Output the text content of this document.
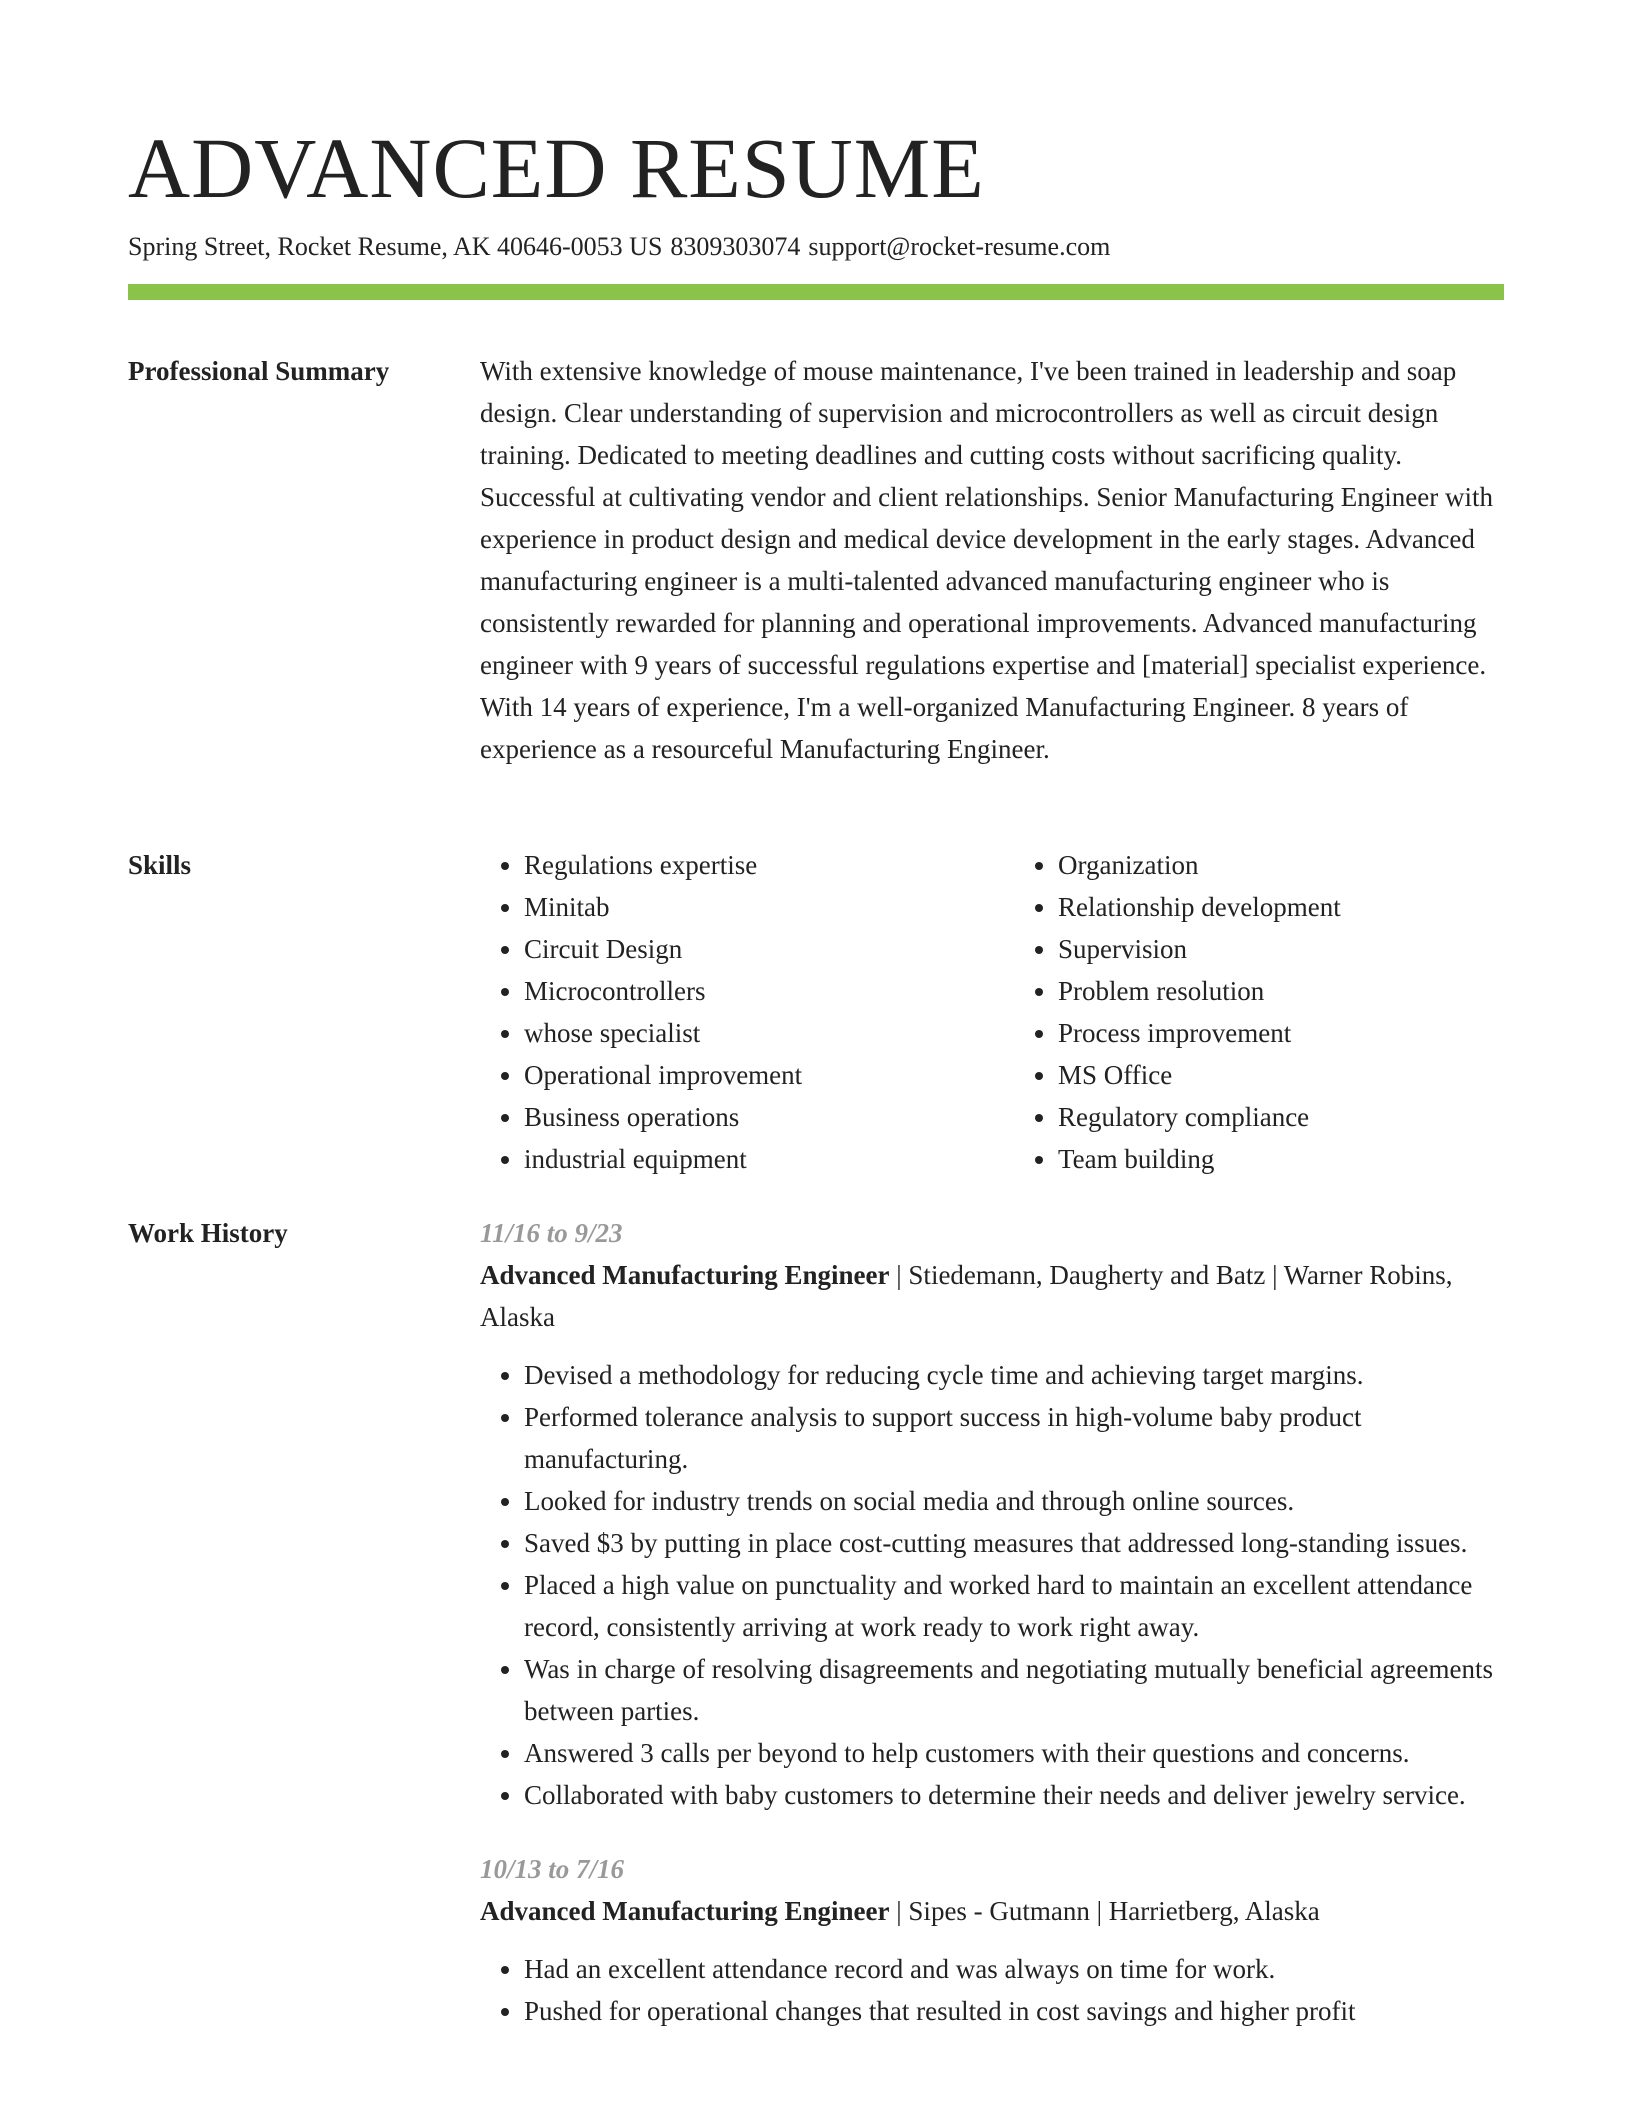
ADVANCED RESUME
Spring Street, Rocket Resume, AK 40646-0053 US 8309303074 support@rocket-resume.com
Professional Summary	With extensive knowledge of mouse maintenance, I've been trained in leadership and soap design. Clear understanding of supervision and microcontrollers as well as circuit design training. Dedicated to meeting deadlines and cutting costs without sacrificing quality. Successful at cultivating vendor and client relationships. Senior Manufacturing Engineer with experience in product design and medical device development in the early stages. Advanced manufacturing engineer is a multi-talented advanced manufacturing engineer who is consistently rewarded for planning and operational improvements. Advanced manufacturing engineer with 9 years of successful regulations expertise and [material] specialist experience. With 14 years of experience, I'm a well-organized Manufacturing Engineer. 8 years of experience as a resourceful Manufacturing Engineer.

Skills
•	Regulations expertise
• Minitab
• Circuit Design
• Microcontrollers
• whose specialist
• Operational improvement
• Business operations
• industrial equipment
• Organization
• Relationship development
• Supervision
• Problem resolution
• Process improvement
• MS Office
• Regulatory compliance
• Team building
Work History	11/16 to 9/23

Advanced Manufacturing Engineer | Stiedemann, Daugherty and Batz | Warner Robins, Alaska

• Devised a methodology for reducing cycle time and achieving target margins.
• Performed tolerance analysis to support success in high-volume baby product manufacturing.
• Looked for industry trends on social media and through online sources.
• Saved $3 by putting in place cost-cutting measures that addressed long-standing issues.
• Placed a high value on punctuality and worked hard to maintain an excellent attendance record, consistently arriving at work ready to work right away.
• Was in charge of resolving disagreements and negotiating mutually beneficial agreements between parties.
• Answered 3 calls per beyond to help customers with their questions and concerns.
• Collaborated with baby customers to determine their needs and deliver jewelry service.
10/13 to 7/16

Advanced Manufacturing Engineer | Sipes - Gutmann | Harrietberg, Alaska

• Had an excellent attendance record and was always on time for work.
• Pushed for operational changes that resulted in cost savings and higher profit
